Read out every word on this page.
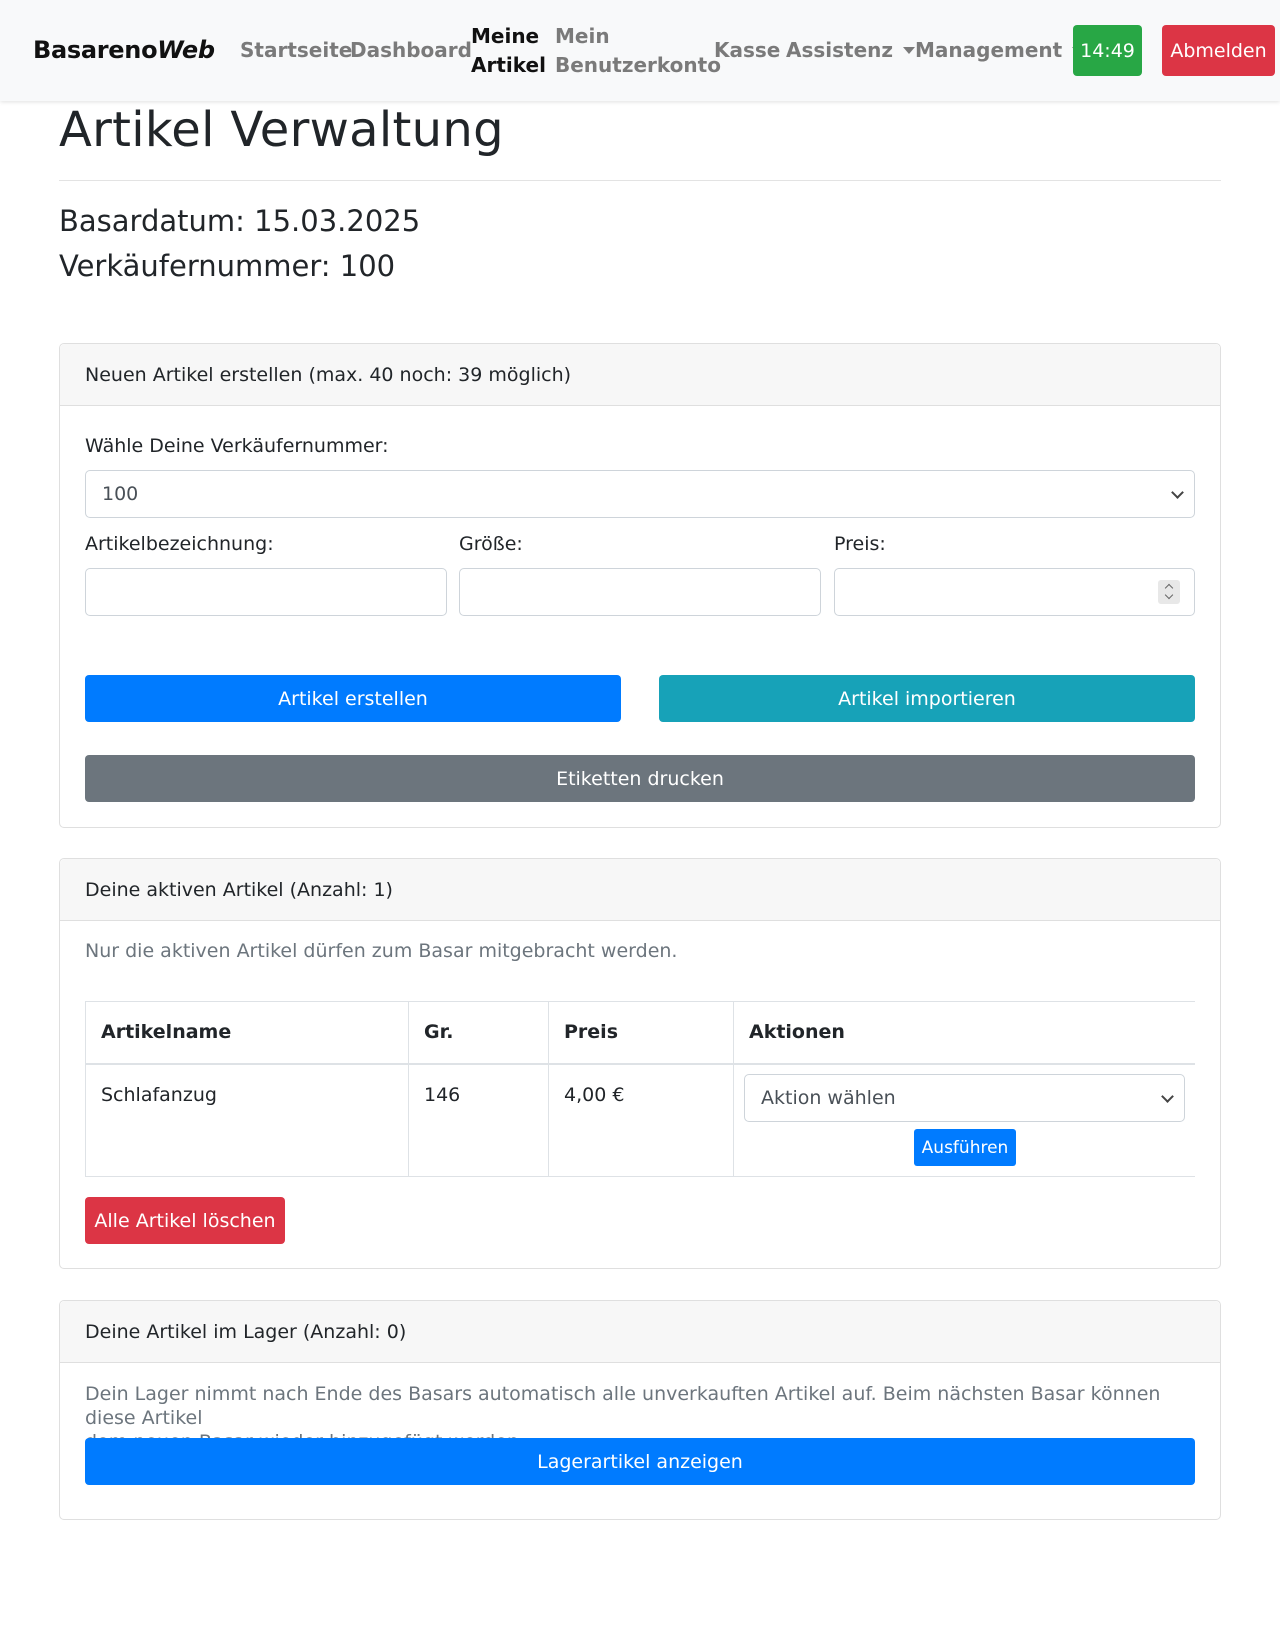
BasarenoWeb Startseite
Dashboard
Meine
Artikel
Mein
Benutzerkonto
Kasse Assistenz	Management 14:49	Abmelden
Artikel Verwaltung
Basardatum: 15.03.2025
Verkäufernummer: 100
Neuen Artikel erstellen (max. 40 noch: 39 möglich)
Wähle Deine Verkäufernummer:
100
Artikelbezeichnung:	Größe:	Preis:
Artikel erstellen	Artikel importieren
Etiketten drucken
Deine aktiven Artikel (Anzahl: 1)
Nur die aktiven Artikel dürfen zum Basar mitgebracht werden.
Artikelname	Gr.	Preis	Aktionen
Schlafanzug	146	4,00 €	Aktion wählen
Ausführen
Alle Artikel löschen
Deine Artikel im Lager (Anzahl: 0)
Dein Lager nimmt nach Ende des Basars automatisch alle unverkauften Artikel auf. Beim nächsten Basar können diese Artikel
Lagerartikel anzeigen
